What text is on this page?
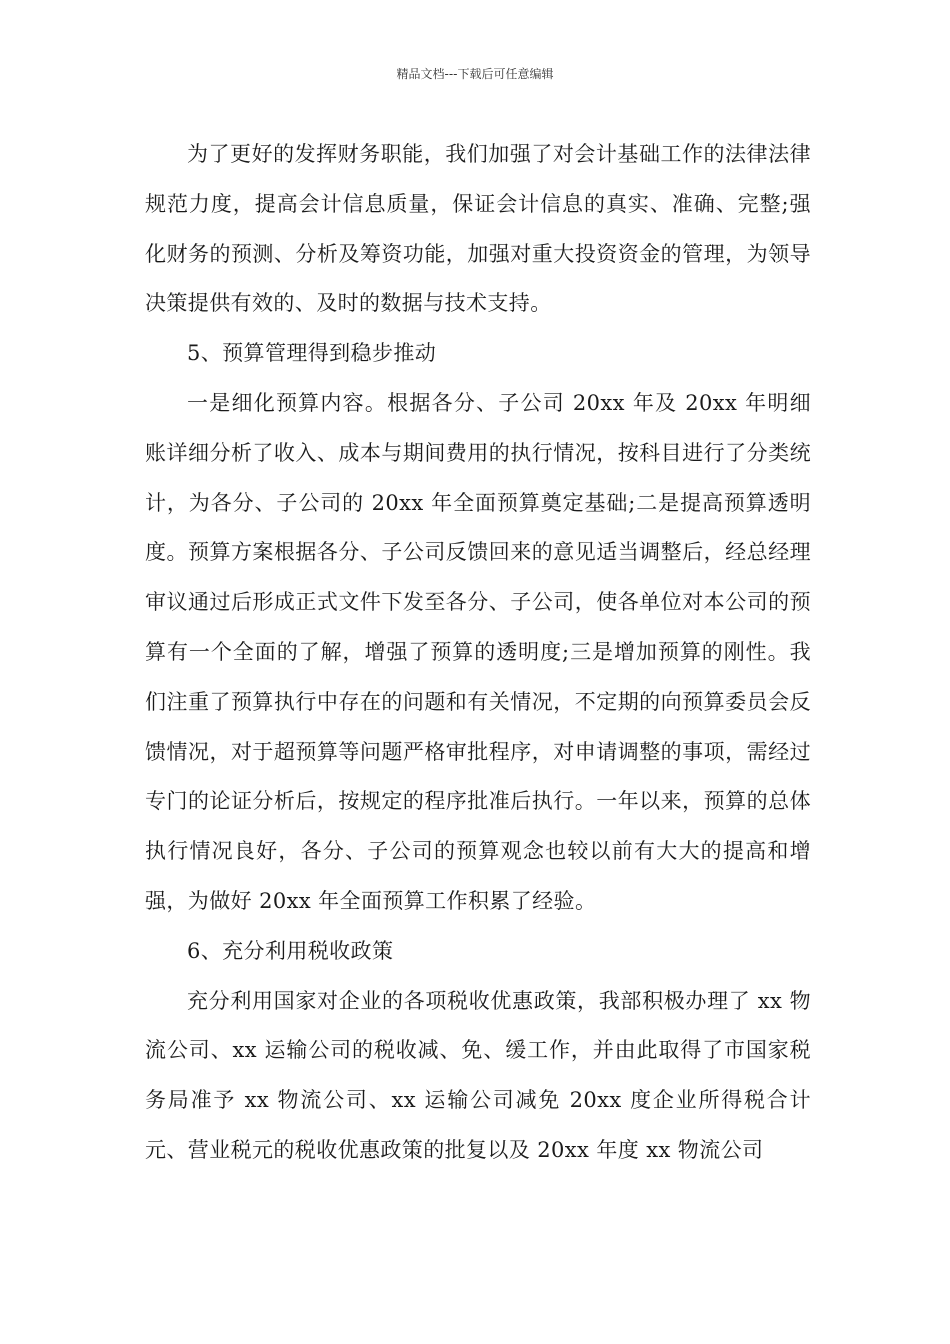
精品文档---下载后可任意编辑

为了更好的发挥财务职能，我们加强了对会计基础工作的法律法律规范力度，提高会计信息质量，保证会计信息的真实、准确、完整;强化财务的预测、分析及筹资功能，加强对重大投资资金的管理，为领导决策提供有效的、及时的数据与技术支持。

5、预算管理得到稳步推动

一是细化预算内容。根据各分、子公司 20xx 年及 20xx 年明细账详细分析了收入、成本与期间费用的执行情况，按科目进行了分类统计，为各分、子公司的 20xx 年全面预算奠定基础;二是提高预算透明度。预算方案根据各分、子公司反馈回来的意见适当调整后，经总经理审议通过后形成正式文件下发至各分、子公司，使各单位对本公司的预算有一个全面的了解，增强了预算的透明度;三是增加预算的刚性。我们注重了预算执行中存在的问题和有关情况，不定期的向预算委员会反馈情况，对于超预算等问题严格审批程序，对申请调整的事项，需经过专门的论证分析后，按规定的程序批准后执行。一年以来，预算的总体执行情况良好，各分、子公司的预算观念也较以前有大大的提高和增强，为做好 20xx 年全面预算工作积累了经验。

6、充分利用税收政策

充分利用国家对企业的各项税收优惠政策，我部积极办理了 xx 物流公司、xx 运输公司的税收减、免、缓工作，并由此取得了市国家税务局准予 xx 物流公司、xx 运输公司减免 20xx 度企业所得税合计元、营业税元的税收优惠政策的批复以及 20xx 年度 xx 物流公司
